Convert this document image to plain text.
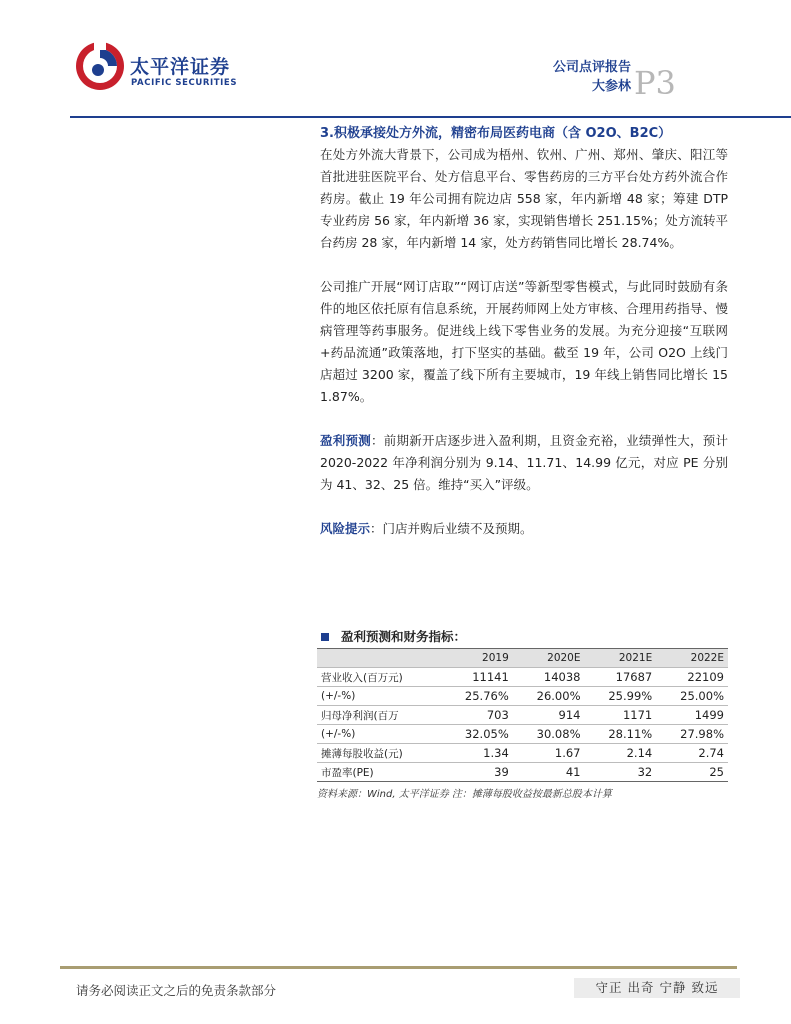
太平洋证券
PACIFIC SECURITIES
公司点评报告
大参林 P3

3.积极承接处方外流，精密布局医药电商（含 O2O、B2C）

在处方外流大背景下，公司成为梧州、钦州、广州、郑州、肇庆、阳江等首批进驻医院平台、处方信息平台、零售药房的三方平台处方药外流合作药房。截止 19 年公司拥有院边店 558 家，年内新增 48 家；筹建 DTP 专业药房 56 家，年内新增 36 家，实现销售增长 251.15%；处方流转平台药房 28 家，年内新增 14 家，处方药销售同比增长 28.74%。

公司推广开展“网订店取”“网订店送”等新型零售模式，与此同时鼓励有条件的地区依托原有信息系统，开展药师网上处方审核、合理用药指导、慢病管理等药事服务。促进线上线下零售业务的发展。为充分迎接“互联网+药品流通”政策落地，打下坚实的基础。截至 19 年，公司 O2O 上线门店超过 3200 家，覆盖了线下所有主要城市，19 年线上销售同比增长 151.87%。

盈利预测：前期新开店逐步进入盈利期，且资金充裕，业绩弹性大，预计 2020-2022 年净利润分别为 9.14、11.71、14.99 亿元，对应 PE 分别为 41、32、25 倍。维持“买入”评级。

风险提示：门店并购后业绩不及预期。

盈利预测和财务指标：
	2019	2020E	2021E	2022E
营业收入(百万元)	11141	14038	17687	22109
(+/-%)	25.76%	26.00%	25.99%	25.00%
归母净利润(百万	703	914	1171	1499
(+/-%)	32.05%	30.08%	28.11%	27.98%
摊薄每股收益(元)	1.34	1.67	2.14	2.74
市盈率(PE)	39	41	32	25
资料来源：Wind, 太平洋证券 注：摊薄每股收益按最新总股本计算
请务必阅读正文之后的免责条款部分	守正 出奇 宁静 致远
